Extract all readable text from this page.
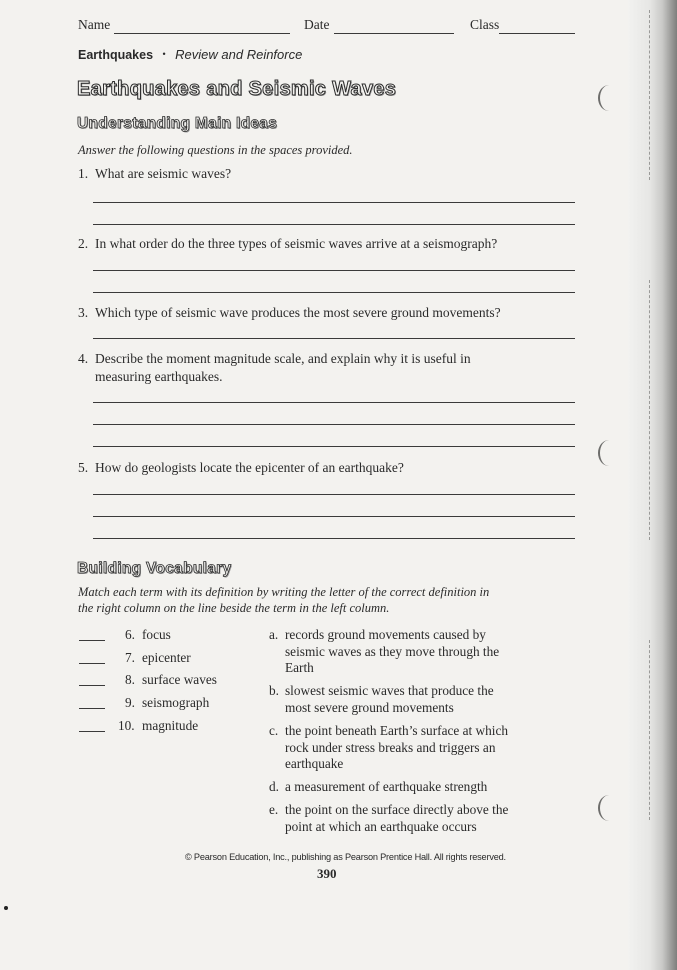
Name	Date	Class
Earthquakes • Review and Reinforce
Earthquakes and Seismic Waves
Understanding Main Ideas
Answer the following questions in the spaces provided.
1. What are seismic waves?
2. In what order do the three types of seismic waves arrive at a seismograph?
3. Which type of seismic wave produces the most severe ground movements?
4. Describe the moment magnitude scale, and explain why it is useful in
measuring earthquakes.
5. How do geologists locate the epicenter of an earthquake?
Building Vocabulary
Match each term with its definition by writing the letter of the correct definition in
the right column on the line beside the term in the left column.
6. focus
7. epicenter
8. surface waves
9. seismograph
10. magnitude
a. records ground movements caused by seismic waves as they move through the Earth
b. slowest seismic waves that produce the most severe ground movements
c. the point beneath Earth’s surface at which rock under stress breaks and triggers an earthquake
d. a measurement of earthquake strength
e. the point on the surface directly above the point at which an earthquake occurs
© Pearson Education, Inc., publishing as Pearson Prentice Hall. All rights reserved.
390
